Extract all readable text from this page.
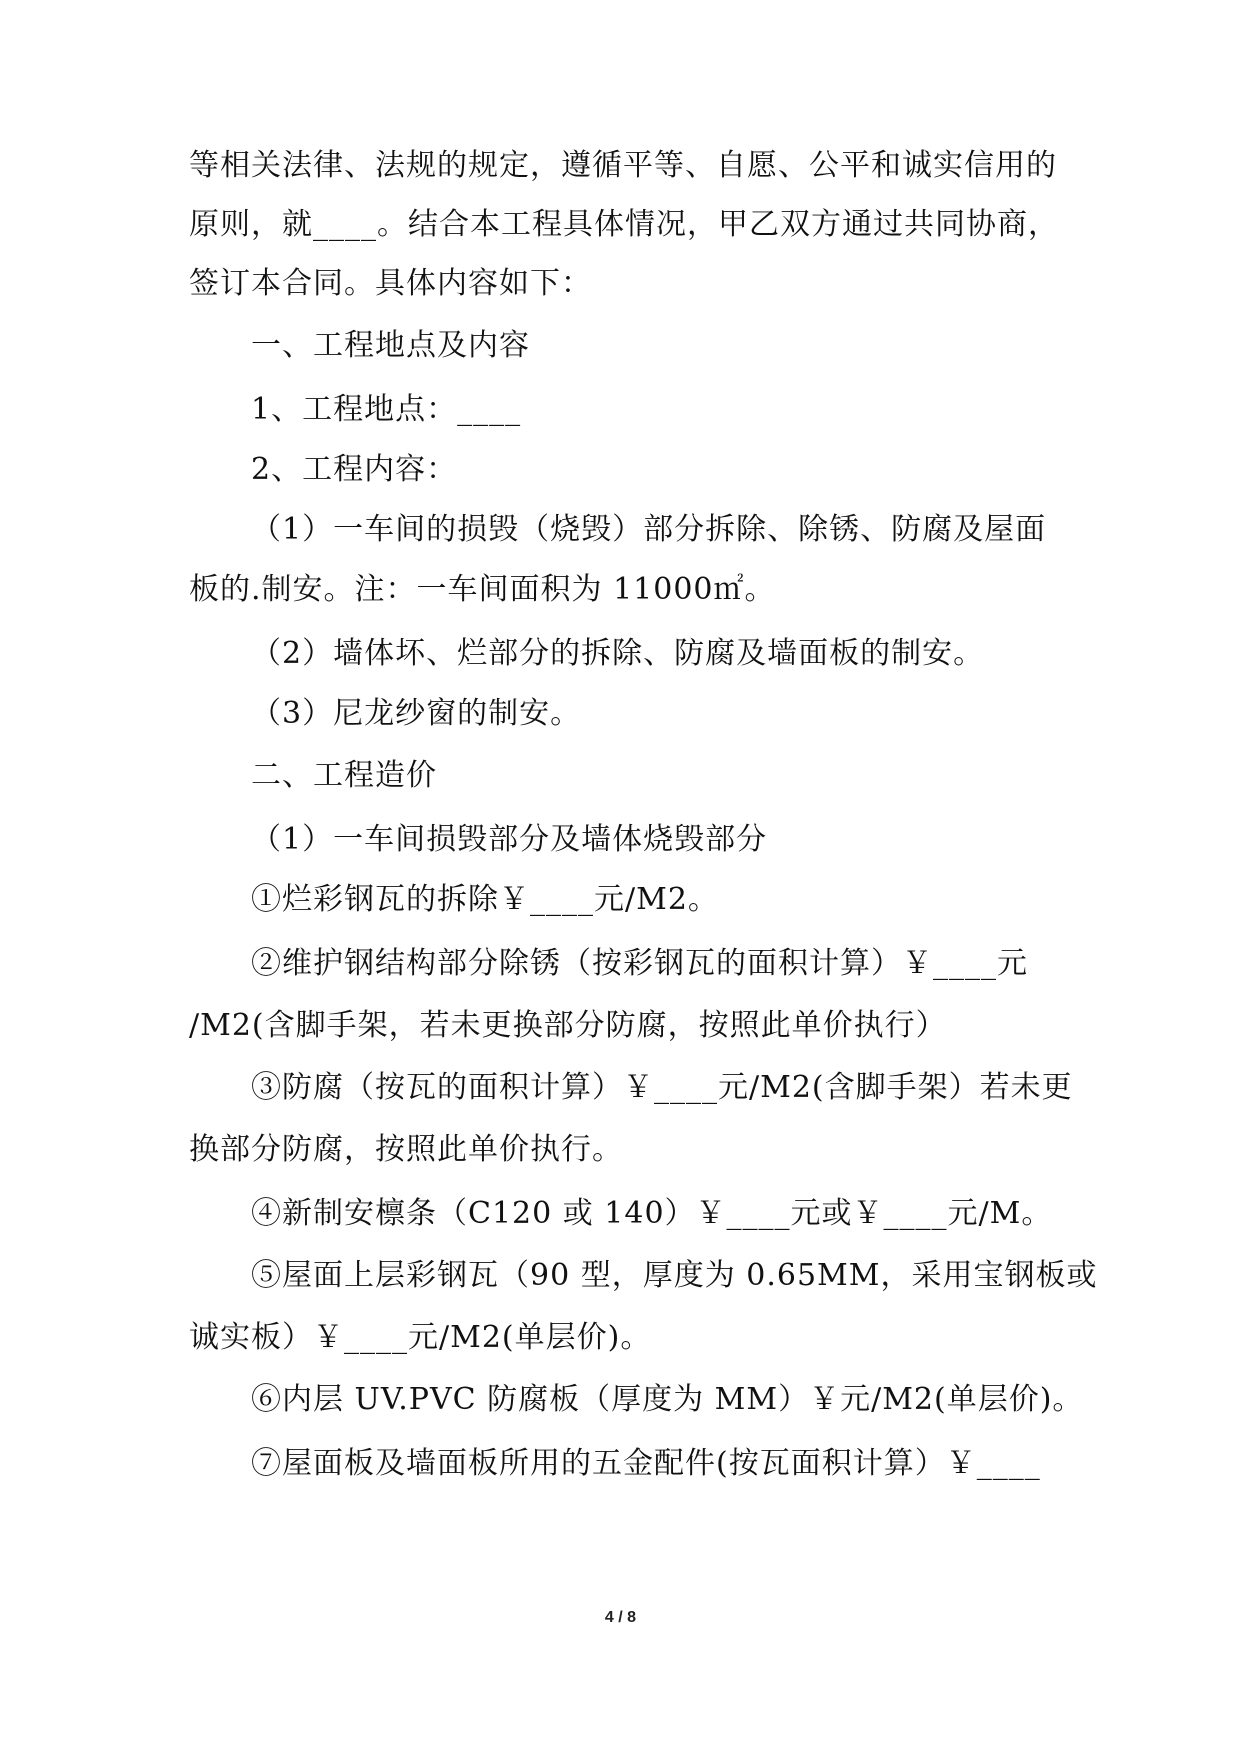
等相关法律、法规的规定，遵循平等、自愿、公平和诚实信用的
原则，就____。结合本工程具体情况，甲乙双方通过共同协商，
签订本合同。具体内容如下：
一、工程地点及内容
1、工程地点：____
2、工程内容：
（1）一车间的损毁（烧毁）部分拆除、除锈、防腐及屋面
板的.制安。注：一车间面积为 11000㎡。
（2）墙体坏、烂部分的拆除、防腐及墙面板的制安。
（3）尼龙纱窗的制安。
二、工程造价
（1）一车间损毁部分及墙体烧毁部分
①烂彩钢瓦的拆除￥____元/M2。
②维护钢结构部分除锈（按彩钢瓦的面积计算）￥____元
/M2(含脚手架，若未更换部分防腐，按照此单价执行）
③防腐（按瓦的面积计算）￥____元/M2(含脚手架）若未更
换部分防腐，按照此单价执行。
④新制安檩条（C120 或 140）￥____元或￥____元/M。
⑤屋面上层彩钢瓦（90 型，厚度为 0.65MM，采用宝钢板或
诚实板）￥____元/M2(单层价)。
⑥内层 UV.PVC 防腐板（厚度为 MM）￥元/M2(单层价)。
⑦屋面板及墙面板所用的五金配件(按瓦面积计算）￥____
4 / 8
